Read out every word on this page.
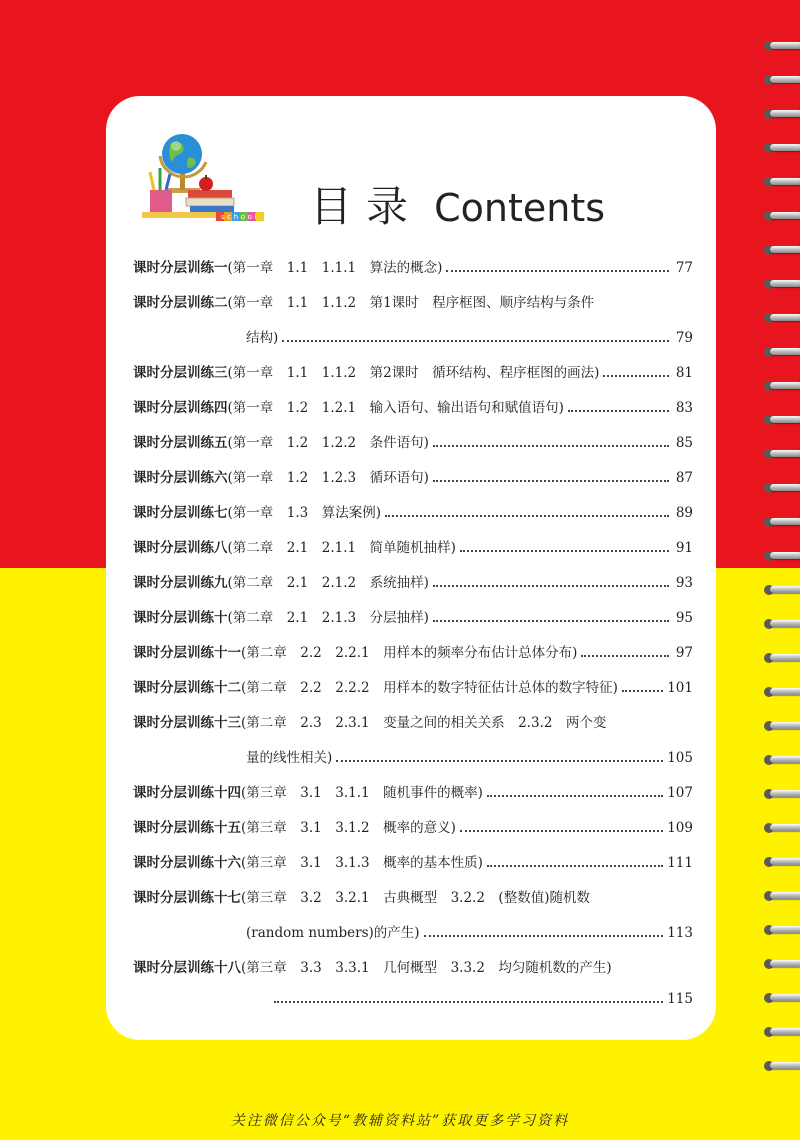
school 目录 Contents
课时分层训练一 (第一章　1.1　1.1.1　算法的概念)	77
课时分层训练二 (第一章　1.1　1.1.2　第1课时　程序框图、顺序结构与条件
结构)	79
课时分层训练三 (第一章　1.1　1.1.2　第2课时　循环结构、程序框图的画法)	81
课时分层训练四 (第一章　1.2　1.2.1　输入语句、输出语句和赋值语句)	83
课时分层训练五 (第一章　1.2　1.2.2　条件语句)	85
课时分层训练六 (第一章　1.2　1.2.3　循环语句)	87
课时分层训练七 (第一章　1.3　算法案例)	89
课时分层训练八 (第二章　2.1　2.1.1　简单随机抽样)	91
课时分层训练九 (第二章　2.1　2.1.2　系统抽样)	93
课时分层训练十 (第二章　2.1　2.1.3　分层抽样)	95
课时分层训练十一 (第二章　2.2　2.2.1　用样本的频率分布估计总体分布)	97
课时分层训练十二 (第二章　2.2　2.2.2　用样本的数字特征估计总体的数字特征)	101
课时分层训练十三 (第二章　2.3　2.3.1　变量之间的相关关系　2.3.2　两个变
量的线性相关)	105
课时分层训练十四 (第三章　3.1　3.1.1　随机事件的概率)	107
课时分层训练十五 (第三章　3.1　3.1.2　概率的意义)	109
课时分层训练十六 (第三章　3.1　3.1.3　概率的基本性质)	111
课时分层训练十七 (第三章　3.2　3.2.1　古典概型　3.2.2　(整数值)随机数
(random numbers)的产生)	113
课时分层训练十八 (第三章　3.3　3.3.1　几何概型　3.3.2　均匀随机数的产生)
115
关注微信公众号“教辅资料站”获取更多学习资料
